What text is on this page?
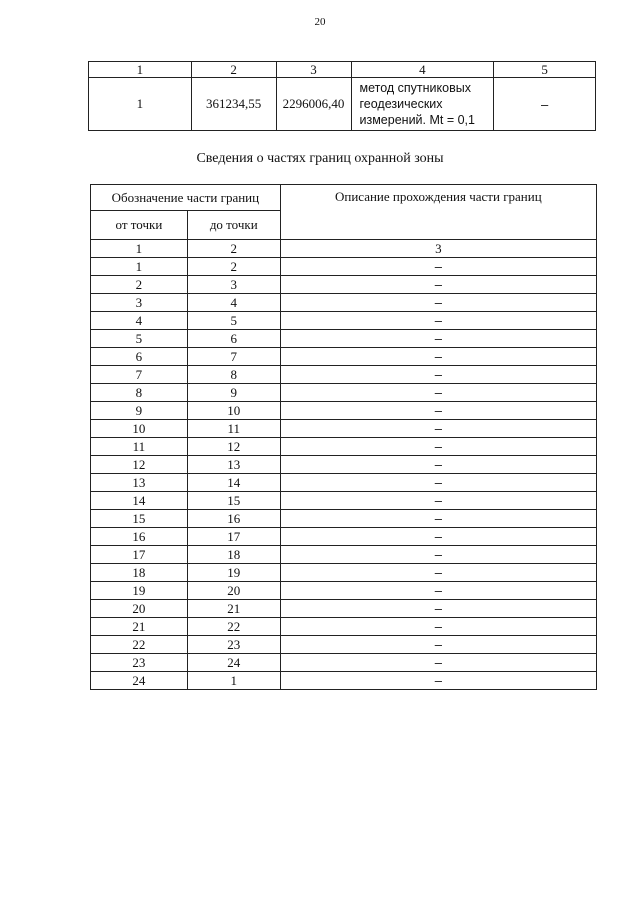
20
1	2	3	4	5
1	361234,55	2296006,40	метод спутниковых
геодезических
измерений. Mt = 0,1	–
Сведения о частях границ охранной зоны
Обозначение части границ		Описание прохождения части границ
от точки	до точки	
1	2	3
1	2	–
2	3	–
3	4	–
4	5	–
5	6	–
6	7	–
7	8	–
8	9	–
9	10	–
10	11	–
11	12	–
12	13	–
13	14	–
14	15	–
15	16	–
16	17	–
17	18	–
18	19	–
19	20	–
20	21	–
21	22	–
22	23	–
23	24	–
24	1	–
